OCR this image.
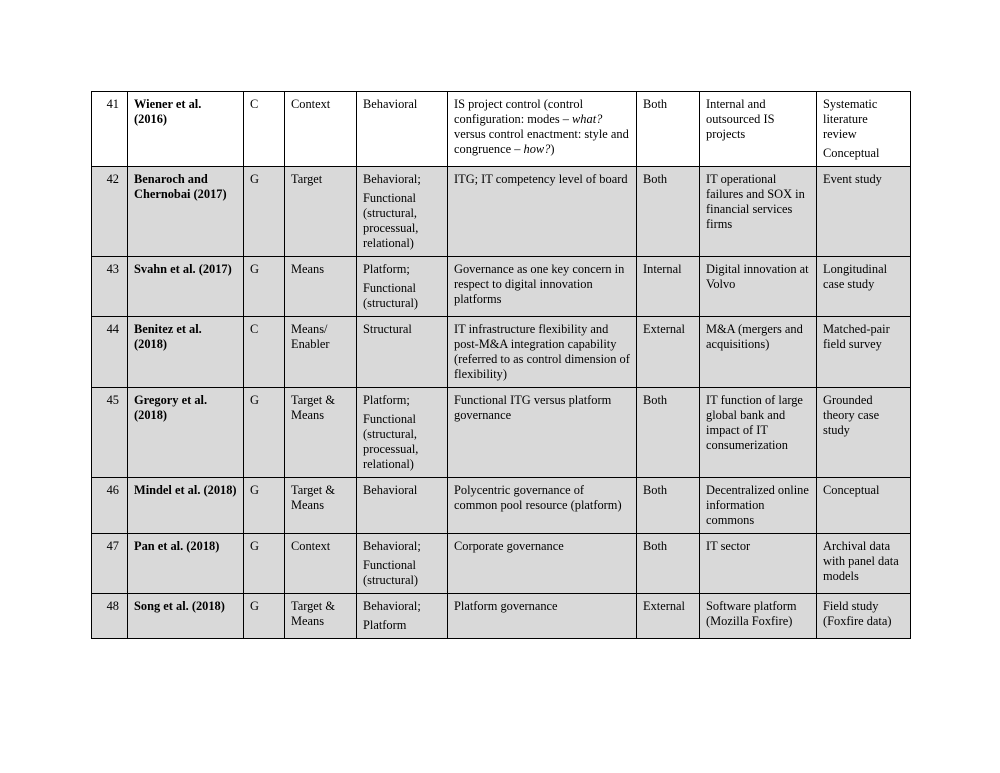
41	Wiener et al. (2016)	C	Context	Behavioral	IS project control (control configuration: modes – what? versus control enactment: style and congruence – how?)	Both	Internal and outsourced IS projects	Systematic literature review
Conceptual

42	Benaroch and Chernobai (2017)	G	Target	Behavioral;
Functional (structural, processual, relational)	ITG; IT competency level of board	Both	IT operational failures and SOX in financial services firms	Event study

43	Svahn et al. (2017)	G	Means	Platform;
Functional (structural)	Governance as one key concern in respect to digital innovation platforms	Internal	Digital innovation at Volvo	Longitudinal case study

44	Benitez et al. (2018)	C	Means/ Enabler	Structural	IT infrastructure flexibility and post-M&A integration capability (referred to as control dimension of flexibility)	External	M&A (mergers and acquisitions)	Matched-pair field survey

45	Gregory et al. (2018)	G	Target & Means	Platform;
Functional (structural, processual, relational)	Functional ITG versus platform governance	Both	IT function of large global bank and impact of IT consumerization	Grounded theory case study

46	Mindel et al. (2018)	G	Target & Means	Behavioral	Polycentric governance of common pool resource (platform)	Both	Decentralized online information commons	Conceptual

47	Pan et al. (2018)	G	Context	Behavioral;
Functional (structural)	Corporate governance	Both	IT sector	Archival data with panel data models

48	Song et al. (2018)	G	Target & Means	Behavioral;
Platform	Platform governance	External	Software platform (Mozilla Foxfire)	Field study (Foxfire data)
